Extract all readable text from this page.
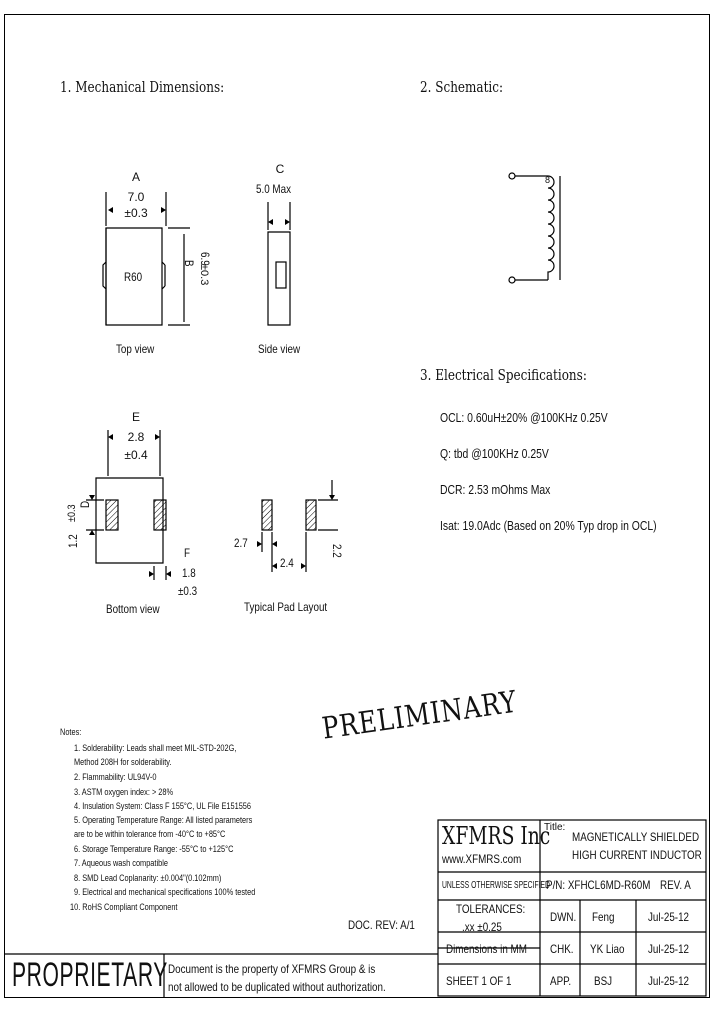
1. Mechanical Dimensions:	2. Schematic:
3. Electrical Specifications:
A
7.0
±0.3
R60
B 6.9
±0.3
Top view
C
5.0 Max
Side view
E
2.8
±0.4
D
1.2
±0.3
F
1.8
±0.3
Bottom view
2.7
2.4
2.2
Typical Pad Layout
8
OCL: 0.60uH±20% @100KHz 0.25V
Q: tbd @100KHz 0.25V
DCR: 2.53 mOhms Max
Isat: 19.0Adc (Based on 20% Typ drop in OCL)
PRELIMINARY
Notes:
1. Solderability: Leads shall meet MIL-STD-202G,
Method 208H for solderability.
2. Flammability: UL94V-0
3. ASTM oxygen index: > 28%
4. Insulation System: Class F 155°C, UL File E151556
5. Operating Temperature Range: All listed parameters
are to be within tolerance from -40°C to +85°C
6. Storage Temperature Range: -55°C to +125°C
7. Aqueous wash compatible
8. SMD Lead Coplanarity: ±0.004"(0.102mm)
9. Electrical and mechanical specifications 100% tested
10. RoHS Compliant Component
DOC. REV: A/1
XFMRS Inc
www.XFMRS.com
Title:
MAGNETICALLY SHIELDED
HIGH CURRENT INDUCTOR
UNLESS OTHERWISE SPECIFIED
P/N: XFHCL6MD-R60M REV. A
TOLERANCES:
.xx ±0.25
Dimensions in MM
SHEET 1 OF 1
DWN. Feng	Jul-25-12
CHK. YK Liao Jul-25-12
APP. BSJ	Jul-25-12
PROPRIETARY Document is the property of XFMRS Group & is
not allowed to be duplicated without authorization.
